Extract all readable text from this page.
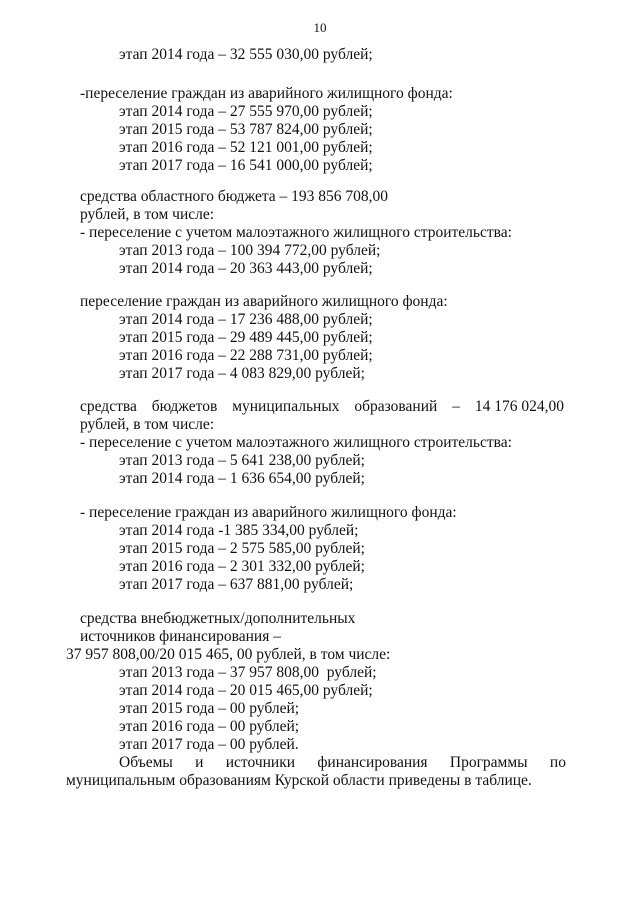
10

этап 2014 года – 32 555 030,00 рублей;

-переселение граждан из аварийного жилищного фонда:

этап 2014 года – 27 555 970,00 рублей;

этап 2015 года – 53 787 824,00 рублей;

этап 2016 года – 52 121 001,00 рублей;

этап 2017 года – 16 541 000,00 рублей;

средства областного бюджета – 193 856 708,00

рублей, в том числе:

- переселение с учетом малоэтажного жилищного строительства:

этап 2013 года – 100 394 772,00 рублей;

этап 2014 года – 20 363 443,00 рублей;

переселение граждан из аварийного жилищного фонда:

этап 2014 года – 17 236 488,00 рублей;

этап 2015 года – 29 489 445,00 рублей;

этап 2016 года – 22 288 731,00 рублей;

этап 2017 года – 4 083 829,00 рублей;

средства бюджетов муниципальных образований – 14 176 024,00

рублей, в том числе:

- переселение с учетом малоэтажного жилищного строительства:

этап 2013 года – 5 641 238,00 рублей;

этап 2014 года – 1 636 654,00 рублей;

- переселение граждан из аварийного жилищного фонда:

этап 2014 года -1 385 334,00 рублей;

этап 2015 года – 2 575 585,00 рублей;

этап 2016 года – 2 301 332,00 рублей;

этап 2017 года – 637 881,00 рублей;

средства внебюджетных/дополнительных

источников финансирования –

37 957 808,00/20 015 465, 00 рублей, в том числе:

этап 2013 года – 37 957 808,00  рублей;

этап 2014 года – 20 015 465,00 рублей;

этап 2015 года – 00 рублей;

этап 2016 года – 00 рублей;

этап 2017 года – 00 рублей.

Объемы и источники финансирования Программы по

муниципальным образованиям Курской области приведены в таблице.
